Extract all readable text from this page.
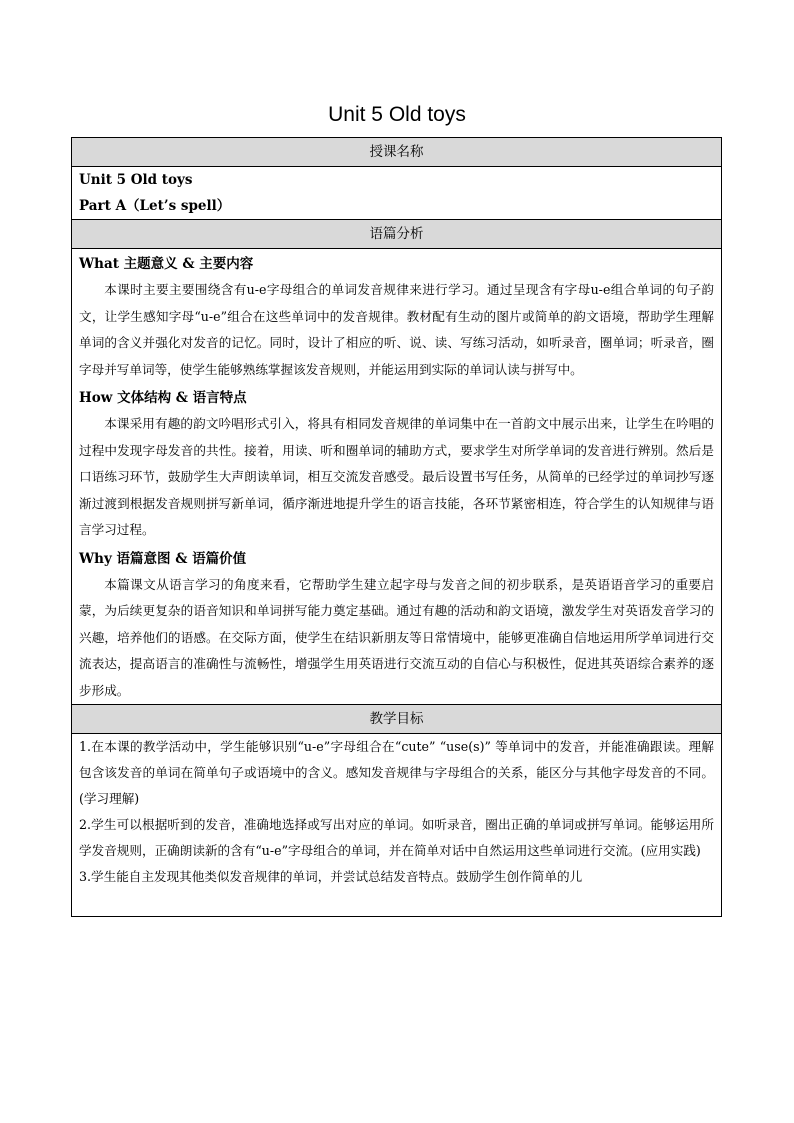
Unit 5 Old toys
授课名称

Unit 5 Old toys
Part A（Let’s spell）

语篇分析

What 主题意义 & 主要内容

本课时主要主要围绕含有u-e字母组合的单词发音规律来进行学习。通过呈现含有字母u-e组合单词的句子韵文，让学生感知字母“u-e”组合在这些单词中的发音规律。教材配有生动的图片或简单的韵文语境，帮助学生理解单词的含义并强化对发音的记忆。同时，设计了相应的听、说、读、写练习活动，如听录音，圈单词；听录音，圈字母并写单词等，使学生能够熟练掌握该发音规则，并能运用到实际的单词认读与拼写中。

How 文体结构 & 语言特点

本课采用有趣的韵文吟唱形式引入，将具有相同发音规律的单词集中在一首韵文中展示出来，让学生在吟唱的过程中发现字母发音的共性。接着，用读、听和圈单词的辅助方式，要求学生对所学单词的发音进行辨别。然后是口语练习环节，鼓励学生大声朗读单词，相互交流发音感受。最后设置书写任务，从简单的已经学过的单词抄写逐渐过渡到根据发音规则拼写新单词，循序渐进地提升学生的语言技能，各环节紧密相连，符合学生的认知规律与语言学习过程。

Why 语篇意图 & 语篇价值

本篇课文从语言学习的角度来看，它帮助学生建立起字母与发音之间的初步联系，是英语语音学习的重要启蒙，为后续更复杂的语音知识和单词拼写能力奠定基础。通过有趣的活动和韵文语境，激发学生对英语发音学习的兴趣，培养他们的语感。在交际方面，使学生在结识新朋友等日常情境中，能够更准确自信地运用所学单词进行交流表达，提高语言的准确性与流畅性，增强学生用英语进行交流互动的自信心与积极性，促进其英语综合素养的逐步形成。

教学目标

1.在本课的教学活动中，学生能够识别“u-e”字母组合在“cute” “use(s)” 等单词中的发音，并能准确跟读。理解包含该发音的单词在简单句子或语境中的含义。感知发音规律与字母组合的关系，能区分与其他字母发音的不同。(学习理解)

2.学生可以根据听到的发音，准确地选择或写出对应的单词。如听录音，圈出正确的单词或拼写单词。能够运用所学发音规则，正确朗读新的含有“u-e”字母组合的单词，并在简单对话中自然运用这些单词进行交流。(应用实践)

3.学生能自主发现其他类似发音规律的单词，并尝试总结发音特点。鼓励学生创作简单的儿
